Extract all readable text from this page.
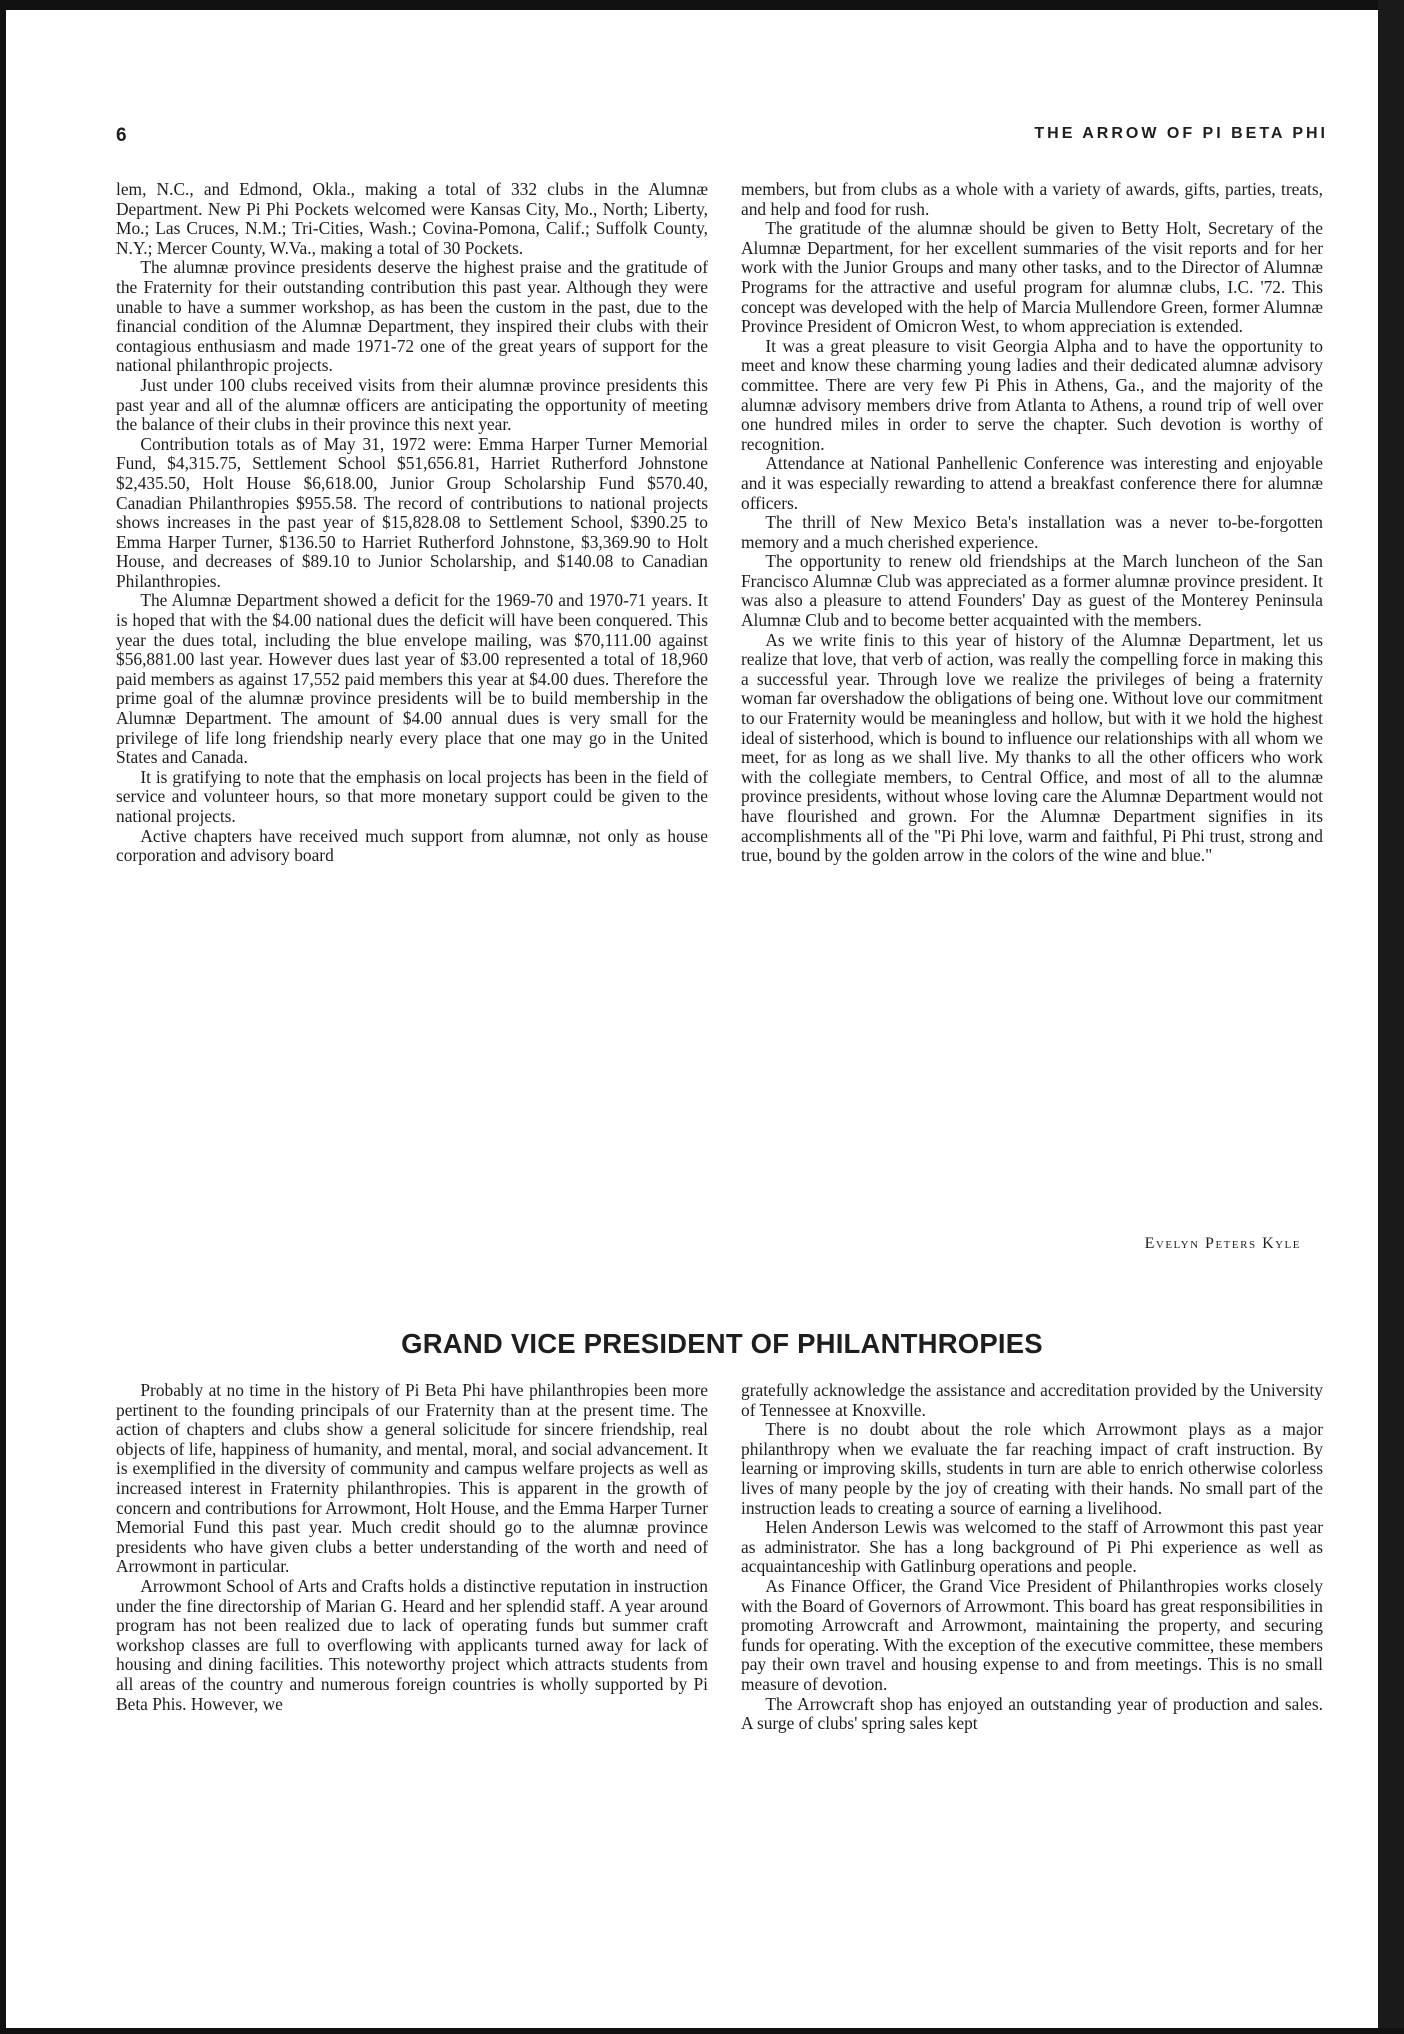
6	THE ARROW OF PI BETA PHI

lem, N.C., and Edmond, Okla., making a total of 332 clubs in the Alumnæ Department. New Pi Phi Pockets welcomed were Kansas City, Mo., North; Liberty, Mo.; Las Cruces, N.M.; Tri-Cities, Wash.; Covina-Pomona, Calif.; Suffolk County, N.Y.; Mercer County, W.Va., making a total of 30 Pockets.

The alumnæ province presidents deserve the highest praise and the gratitude of the Fraternity for their outstanding contribution this past year. Although they were unable to have a summer workshop, as has been the custom in the past, due to the financial condition of the Alumnæ Department, they inspired their clubs with their contagious enthusiasm and made 1971-72 one of the great years of support for the national philanthropic projects.

Just under 100 clubs received visits from their alumnæ province presidents this past year and all of the alumnæ officers are anticipating the opportunity of meeting the balance of their clubs in their province this next year.

Contribution totals as of May 31, 1972 were: Emma Harper Turner Memorial Fund, $4,315.75, Settlement School $51,656.81, Harriet Rutherford Johnstone $2,435.50, Holt House $6,618.00, Junior Group Scholarship Fund $570.40, Canadian Philanthropies $955.58. The record of contributions to national projects shows increases in the past year of $15,828.08 to Settlement School, $390.25 to Emma Harper Turner, $136.50 to Harriet Rutherford Johnstone, $3,369.90 to Holt House, and decreases of $89.10 to Junior Scholarship, and $140.08 to Canadian Philanthropies.

The Alumnæ Department showed a deficit for the 1969-70 and 1970-71 years. It is hoped that with the $4.00 national dues the deficit will have been conquered. This year the dues total, including the blue envelope mailing, was $70,111.00 against $56,881.00 last year. However dues last year of $3.00 represented a total of 18,960 paid members as against 17,552 paid members this year at $4.00 dues. Therefore the prime goal of the alumnæ province presidents will be to build membership in the Alumnæ Department. The amount of $4.00 annual dues is very small for the privilege of life long friendship nearly every place that one may go in the United States and Canada.

It is gratifying to note that the emphasis on local projects has been in the field of service and volunteer hours, so that more monetary support could be given to the national projects.

Active chapters have received much support from alumnæ, not only as house corporation and advisory board

members, but from clubs as a whole with a variety of awards, gifts, parties, treats, and help and food for rush.

The gratitude of the alumnæ should be given to Betty Holt, Secretary of the Alumnæ Department, for her excellent summaries of the visit reports and for her work with the Junior Groups and many other tasks, and to the Director of Alumnæ Programs for the attractive and useful program for alumnæ clubs, I.C. '72. This concept was developed with the help of Marcia Mullendore Green, former Alumnæ Province President of Omicron West, to whom appreciation is extended.

It was a great pleasure to visit Georgia Alpha and to have the opportunity to meet and know these charming young ladies and their dedicated alumnæ advisory committee. There are very few Pi Phis in Athens, Ga., and the majority of the alumnæ advisory members drive from Atlanta to Athens, a round trip of well over one hundred miles in order to serve the chapter. Such devotion is worthy of recognition.

Attendance at National Panhellenic Conference was interesting and enjoyable and it was especially rewarding to attend a breakfast conference there for alumnæ officers.

The thrill of New Mexico Beta's installation was a never to-be-forgotten memory and a much cherished experience.

The opportunity to renew old friendships at the March luncheon of the San Francisco Alumnæ Club was appreciated as a former alumnæ province president. It was also a pleasure to attend Founders' Day as guest of the Monterey Peninsula Alumnæ Club and to become better acquainted with the members.

As we write finis to this year of history of the Alumnæ Department, let us realize that love, that verb of action, was really the compelling force in making this a successful year. Through love we realize the privileges of being a fraternity woman far overshadow the obligations of being one. Without love our commitment to our Fraternity would be meaningless and hollow, but with it we hold the highest ideal of sisterhood, which is bound to influence our relationships with all whom we meet, for as long as we shall live. My thanks to all the other officers who work with the collegiate members, to Central Office, and most of all to the alumnæ province presidents, without whose loving care the Alumnæ Department would not have flourished and grown. For the Alumnæ Department signifies in its accomplishments all of the "Pi Phi love, warm and faithful, Pi Phi trust, strong and true, bound by the golden arrow in the colors of the wine and blue."

Evelyn Peters Kyle
GRAND VICE PRESIDENT OF PHILANTHROPIES

Probably at no time in the history of Pi Beta Phi have philanthropies been more pertinent to the founding principals of our Fraternity than at the present time. The action of chapters and clubs show a general solicitude for sincere friendship, real objects of life, happiness of humanity, and mental, moral, and social advancement. It is exemplified in the diversity of community and campus welfare projects as well as increased interest in Fraternity philanthropies. This is apparent in the growth of concern and contributions for Arrowmont, Holt House, and the Emma Harper Turner Memorial Fund this past year. Much credit should go to the alumnæ province presidents who have given clubs a better understanding of the worth and need of Arrowmont in particular.

Arrowmont School of Arts and Crafts holds a distinctive reputation in instruction under the fine directorship of Marian G. Heard and her splendid staff. A year around program has not been realized due to lack of operating funds but summer craft workshop classes are full to overflowing with applicants turned away for lack of housing and dining facilities. This noteworthy project which attracts students from all areas of the country and numerous foreign countries is wholly supported by Pi Beta Phis. However, we

gratefully acknowledge the assistance and accreditation provided by the University of Tennessee at Knoxville.

There is no doubt about the role which Arrowmont plays as a major philanthropy when we evaluate the far reaching impact of craft instruction. By learning or improving skills, students in turn are able to enrich otherwise colorless lives of many people by the joy of creating with their hands. No small part of the instruction leads to creating a source of earning a livelihood.

Helen Anderson Lewis was welcomed to the staff of Arrowmont this past year as administrator. She has a long background of Pi Phi experience as well as acquaintanceship with Gatlinburg operations and people.

As Finance Officer, the Grand Vice President of Philanthropies works closely with the Board of Governors of Arrowmont. This board has great responsibilities in promoting Arrowcraft and Arrowmont, maintaining the property, and securing funds for operating. With the exception of the executive committee, these members pay their own travel and housing expense to and from meetings. This is no small measure of devotion.

The Arrowcraft shop has enjoyed an outstanding year of production and sales. A surge of clubs' spring sales kept
